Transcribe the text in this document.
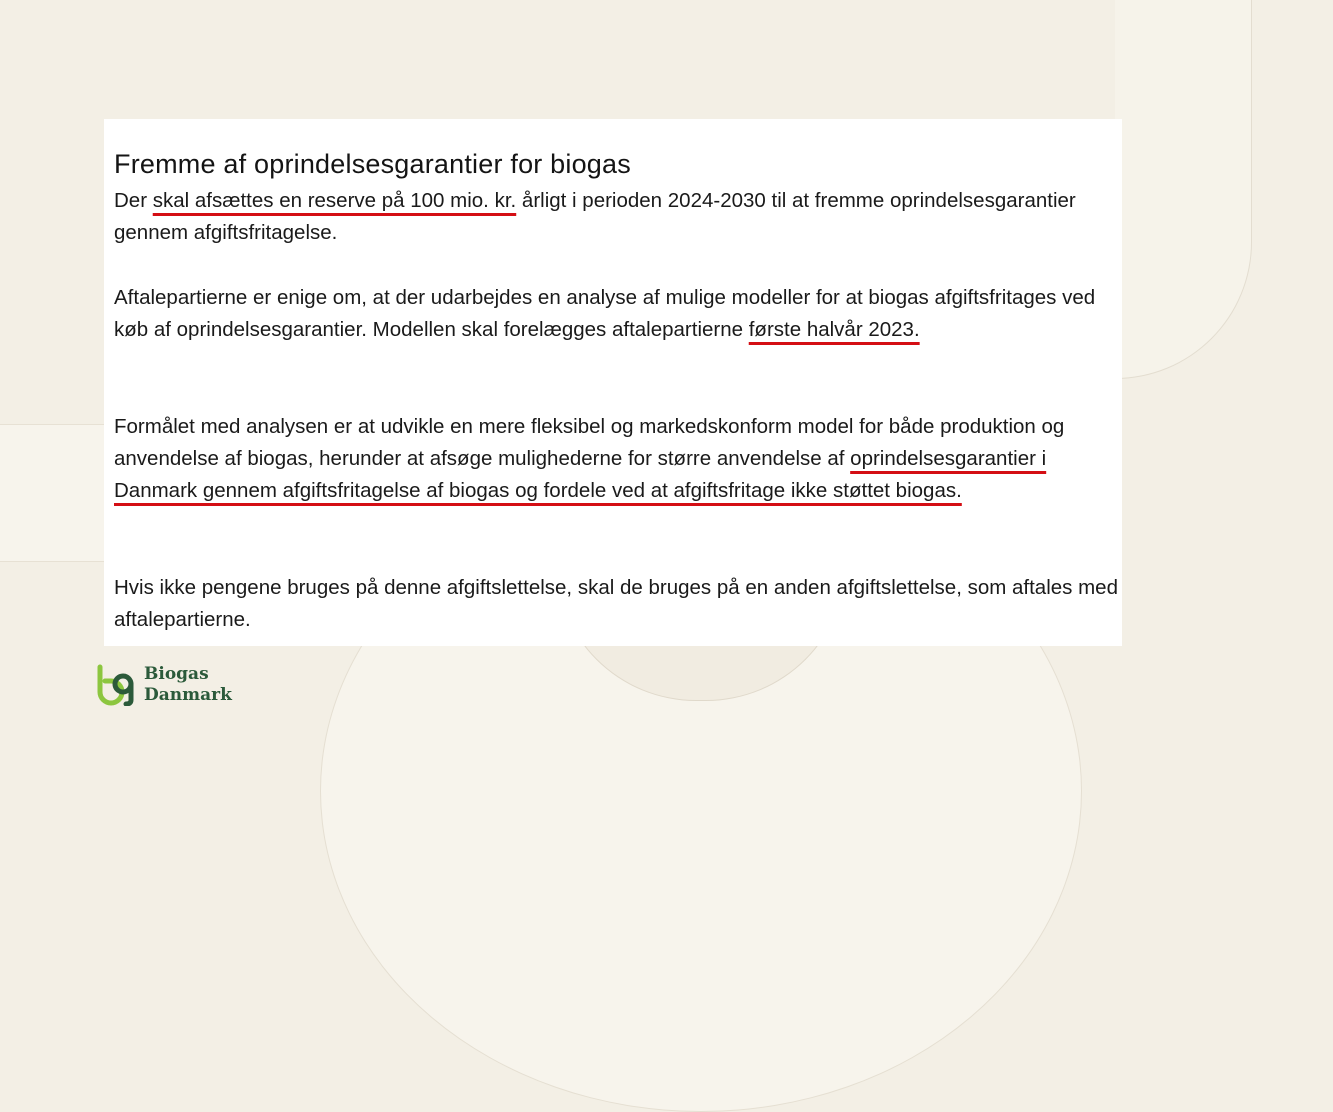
Fremme af oprindelsesgarantier for biogas

Der skal afsættes en reserve på 100 mio. kr. årligt i perioden 2024-2030 til at fremme oprindelsesgarantier gennem afgiftsfritagelse.

Aftalepartierne er enige om, at der udarbejdes en analyse af mulige modeller for at biogas afgiftsfritages ved køb af oprindelsesgarantier. Modellen skal forelægges aftalepartierne første halvår 2023.

Formålet med analysen er at udvikle en mere fleksibel og markedskonform model for både produktion og anvendelse af biogas, herunder at afsøge mulighederne for større anvendelse af oprindelsesgarantier i Danmark gennem afgiftsfritagelse af biogas og fordele ved at afgiftsfritage ikke støttet biogas.

Hvis ikke pengene bruges på denne afgiftslettelse, skal de bruges på en anden afgiftslettelse, som aftales med aftalepartierne.

Biogas
Danmark
